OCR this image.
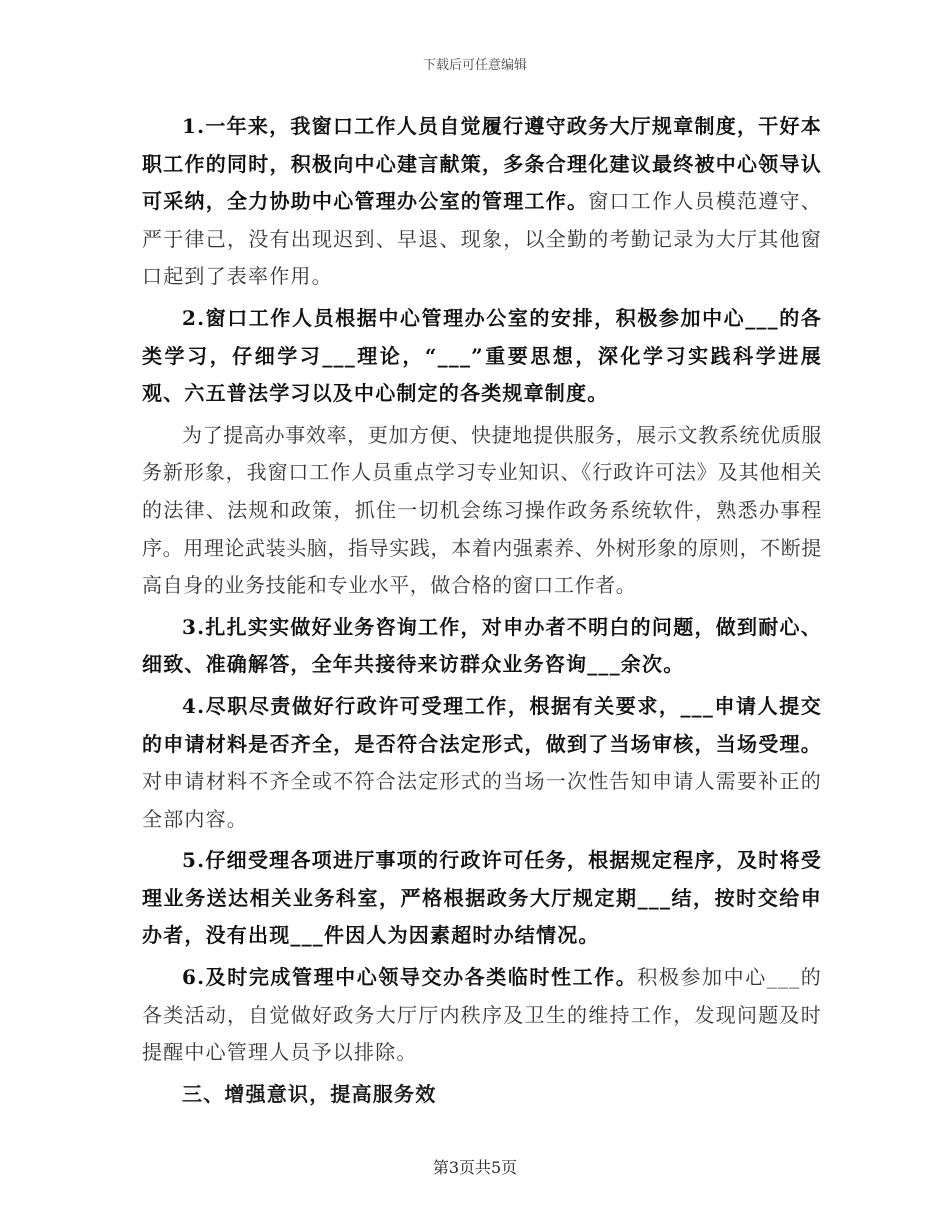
下载后可任意编辑

1.一年来，我窗口工作人员自觉履行遵守政务大厅规章制度，干好本职工作的同时，积极向中心建言献策，多条合理化建议最终被中心领导认可采纳，全力协助中心管理办公室的管理工作。窗口工作人员模范遵守、严于律己，没有出现迟到、早退、现象，以全勤的考勤记录为大厅其他窗口起到了表率作用。

2.窗口工作人员根据中心管理办公室的安排，积极参加中心___的各类学习，仔细学习___理论，“___”重要思想，深化学习实践科学进展观、六五普法学习以及中心制定的各类规章制度。

为了提高办事效率，更加方便、快捷地提供服务，展示文教系统优质服务新形象，我窗口工作人员重点学习专业知识、《行政许可法》及其他相关的法律、法规和政策，抓住一切机会练习操作政务系统软件，熟悉办事程序。用理论武装头脑，指导实践，本着内强素养、外树形象的原则，不断提高自身的业务技能和专业水平，做合格的窗口工作者。

3.扎扎实实做好业务咨询工作，对申办者不明白的问题，做到耐心、细致、准确解答，全年共接待来访群众业务咨询___余次。

4.尽职尽责做好行政许可受理工作，根据有关要求，___申请人提交的申请材料是否齐全，是否符合法定形式，做到了当场审核，当场受理。对申请材料不齐全或不符合法定形式的当场一次性告知申请人需要补正的全部内容。

5.仔细受理各项进厅事项的行政许可任务，根据规定程序，及时将受理业务送达相关业务科室，严格根据政务大厅规定期___结，按时交给申办者，没有出现___件因人为因素超时办结情况。

6.及时完成管理中心领导交办各类临时性工作。积极参加中心___的各类活动，自觉做好政务大厅厅内秩序及卫生的维持工作，发现问题及时提醒中心管理人员予以排除。

三、增强意识，提高服务效

第3页共5页
